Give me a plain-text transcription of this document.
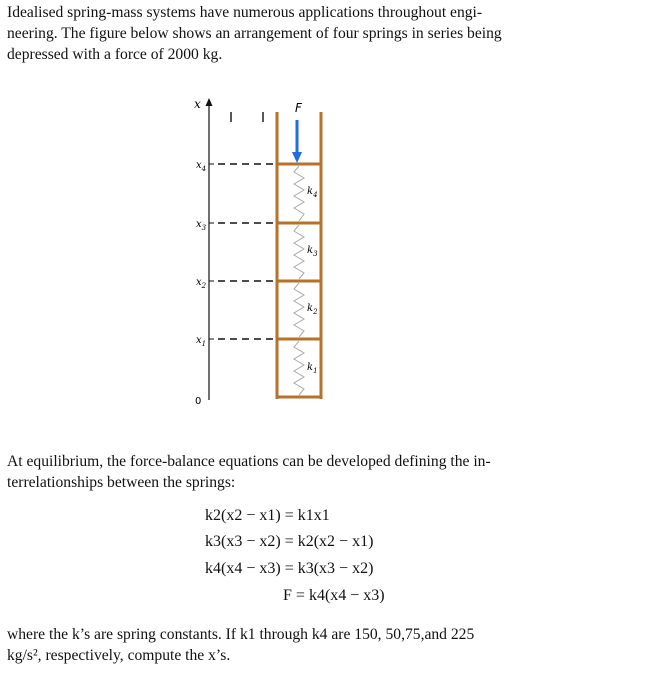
Idealised spring-mass systems have numerous applications throughout engi-
neering. The figure below shows an arrangement of four springs in series being
depressed with a force of 2000 kg.
x
0
F
$x_4$
$x_3$
$x_2$
$x_1$
$k_4$
$k_3$
$k_2$
$k_1$
At equilibrium, the force-balance equations can be developed defining the in-
terrelationships between the springs:
k2(x2 − x1) = k1x1
k3(x3 − x2) = k2(x2 − x1)
k4(x4 − x3) = k3(x3 − x2)
F = k4(x4 − x3)
where the k’s are spring constants. If k1 through k4 are 150, 50,75,and 225
kg/s², respectively, compute the x’s.
